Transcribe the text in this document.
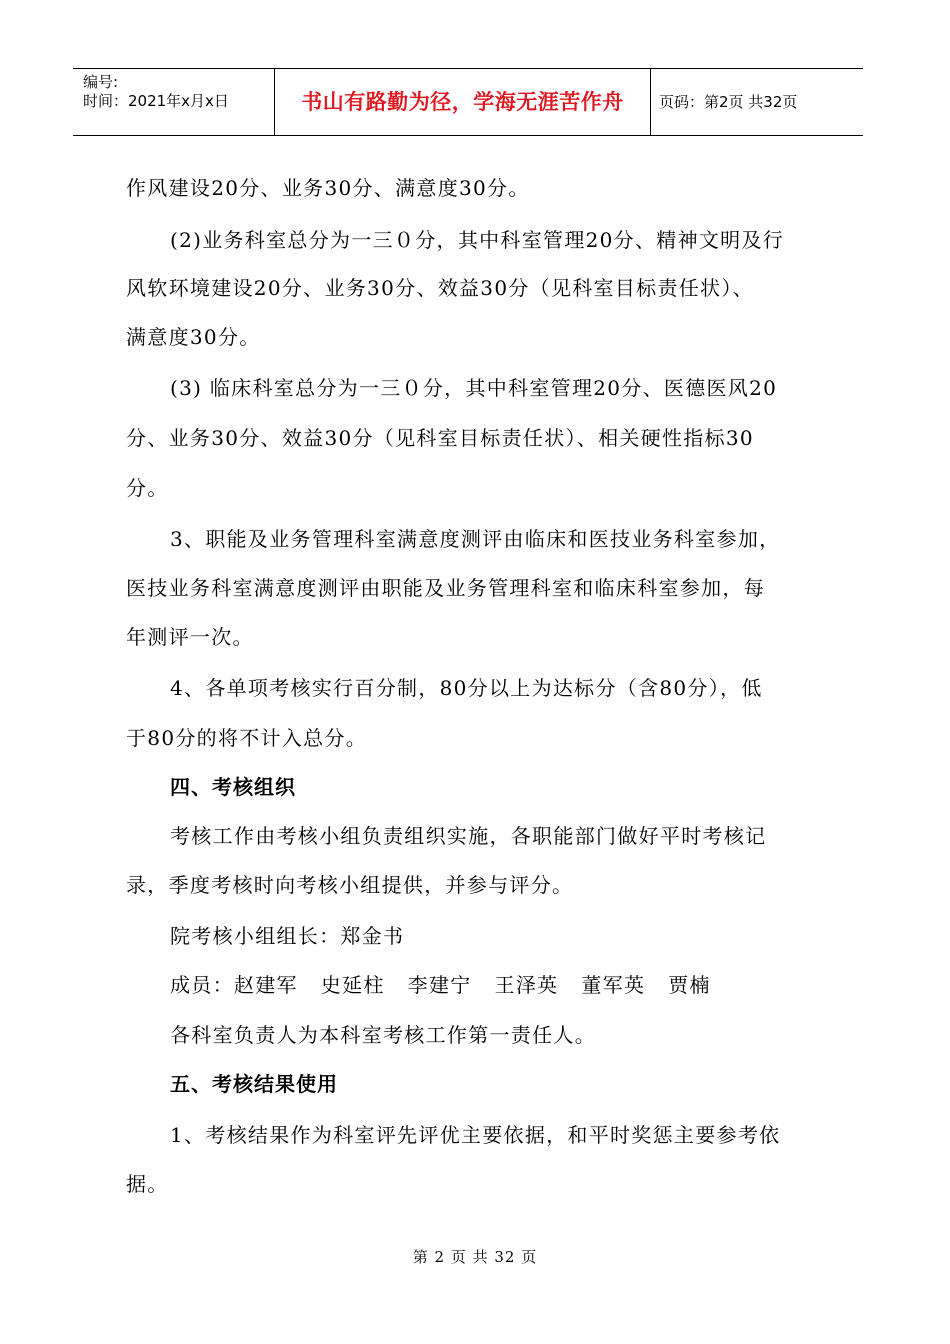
编号:
时间：2021年x月x日	书山有路勤为径，学海无涯苦作舟	页码：第2页 共32页
作风建设20分、业务30分、满意度30分。
(2)业务科室总分为一三０分，其中科室管理20分、精神文明及行
风软环境建设20分、业务30分、效益30分（见科室目标责任状）、
满意度30分。
(3) 临床科室总分为一三０分，其中科室管理20分、医德医风20
分、业务30分、效益30分（见科室目标责任状）、相关硬性指标30
分。
3、职能及业务管理科室满意度测评由临床和医技业务科室参加，
医技业务科室满意度测评由职能及业务管理科室和临床科室参加，每
年测评一次。
4、各单项考核实行百分制，80分以上为达标分（含80分），低
于80分的将不计入总分。
四、考核组织
考核工作由考核小组负责组织实施，各职能部门做好平时考核记
录，季度考核时向考核小组提供，并参与评分。
院考核小组组长：郑金书
成员：赵建军   史延柱   李建宁   王泽英   董军英   贾楠
各科室负责人为本科室考核工作第一责任人。
五、考核结果使用
1、考核结果作为科室评先评优主要依据，和平时奖惩主要参考依
据。
第 2 页 共 32 页
